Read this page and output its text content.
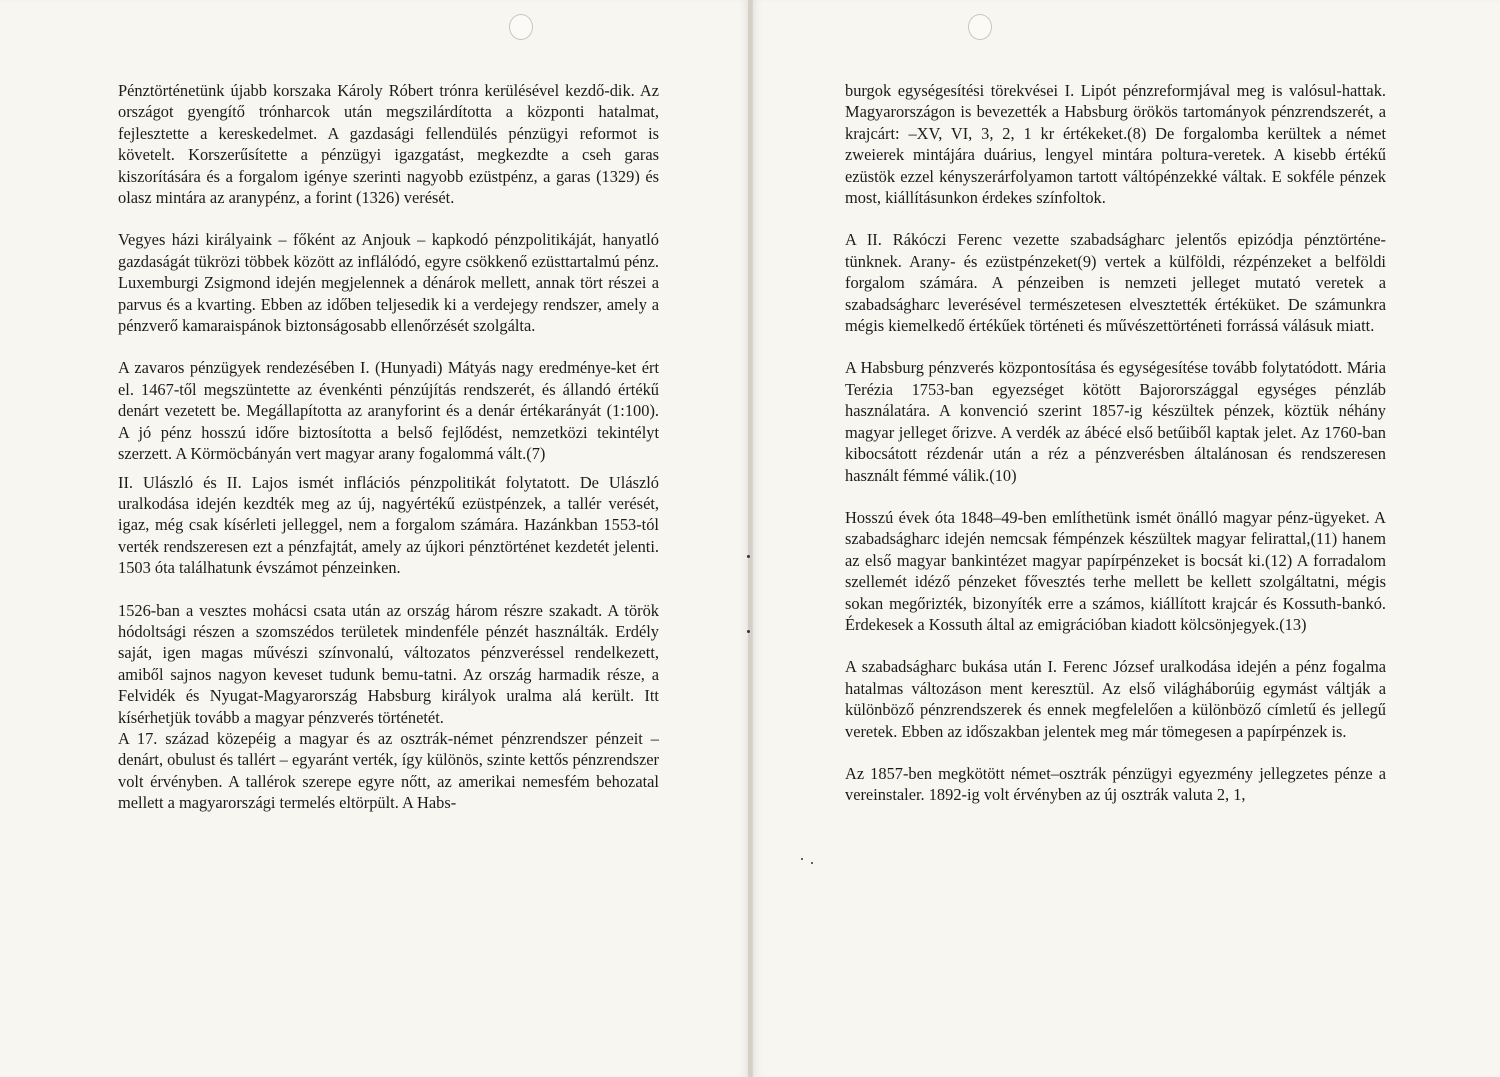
Pénztörténetünk újabb korszaka Károly Róbert trónra kerülésével kezdő-dik. Az országot gyengítő trónharcok után megszilárdította a központi hatalmat, fejlesztette a kereskedelmet. A gazdasági fellendülés pénzügyi reformot is követelt. Korszerűsítette a pénzügyi igazgatást, megkezdte a cseh garas kiszorítására és a forgalom igénye szerinti nagyobb ezüstpénz, a garas (1329) és olasz mintára az aranypénz, a forint (1326) verését.

Vegyes házi királyaink – főként az Anjouk – kapkodó pénzpolitikáját, hanyatló gazdaságát tükrözi többek között az inflálódó, egyre csökkenő ezüsttartalmú pénz. Luxemburgi Zsigmond idején megjelennek a dénárok mellett, annak tört részei a parvus és a kvarting. Ebben az időben teljesedik ki a verdejegy rendszer, amely a pénzverő kamaraispánok biztonságosabb ellenőrzését szolgálta.

A zavaros pénzügyek rendezésében I. (Hunyadi) Mátyás nagy eredménye-ket ért el. 1467-től megszüntette az évenkénti pénzújítás rendszerét, és állandó értékű denárt vezetett be. Megállapította az aranyforint és a denár értékarányát (1:100). A jó pénz hosszú időre biztosította a belső fejlődést, nemzetközi tekintélyt szerzett. A Körmöcbányán vert magyar arany fogalommá vált.(7)

II. Ulászló és II. Lajos ismét inflációs pénzpolitikát folytatott. De Ulászló uralkodása idején kezdték meg az új, nagyértékű ezüstpénzek, a tallér verését, igaz, még csak kísérleti jelleggel, nem a forgalom számára. Hazánkban 1553-tól verték rendszeresen ezt a pénzfajtát, amely az újkori pénztörténet kezdetét jelenti. 1503 óta találhatunk évszámot pénzeinken.

1526-ban a vesztes mohácsi csata után az ország három részre szakadt. A török hódoltsági részen a szomszédos területek mindenféle pénzét használták. Erdély saját, igen magas művészi színvonalú, változatos pénzveréssel rendelkezett, amiből sajnos nagyon keveset tudunk bemu-tatni. Az ország harmadik része, a Felvidék és Nyugat-Magyarország Habsburg királyok uralma alá került. Itt kísérhetjük tovább a magyar pénzverés történetét.

A 17. század közepéig a magyar és az osztrák-német pénzrendszer pénzeit – denárt, obulust és tallért – egyaránt verték, így különös, szinte kettős pénzrendszer volt érvényben. A tallérok szerepe egyre nőtt, az amerikai nemesfém behozatal mellett a magyarországi termelés eltörpült. A Habs-

burgok egységesítési törekvései I. Lipót pénzreformjával meg is valósul-hattak. Magyarországon is bevezették a Habsburg örökös tartományok pénzrendszerét, a krajcárt: –XV, VI, 3, 2, 1 kr értékeket.(8) De forgalomba kerültek a német zweierek mintájára duárius, lengyel mintára poltura-veretek. A kisebb értékű ezüstök ezzel kényszerárfolyamon tartott váltópénzekké váltak. E sokféle pénzek most, kiállításunkon érdekes színfoltok.

A II. Rákóczi Ferenc vezette szabadságharc jelentős epizódja pénztörténe-tünknek. Arany- és ezüstpénzeket(9) vertek a külföldi, rézpénzeket a belföldi forgalom számára. A pénzeiben is nemzeti jelleget mutató veretek a szabadságharc leverésével természetesen elvesztették értéküket. De számunkra mégis kiemelkedő értékűek történeti és művészettörténeti forrássá válásuk miatt.

A Habsburg pénzverés központosítása és egységesítése tovább folytatódott. Mária Terézia 1753-ban egyezséget kötött Bajorországgal egységes pénzláb használatára. A konvenció szerint 1857-ig készültek pénzek, köztük néhány magyar jelleget őrizve. A verdék az ábécé első betűiből kaptak jelet. Az 1760-ban kibocsátott rézdenár után a réz a pénzverésben általánosan és rendszeresen használt fémmé válik.(10)

Hosszú évek óta 1848–49-ben említhetünk ismét önálló magyar pénz-ügyeket. A szabadságharc idején nemcsak fémpénzek készültek magyar felirattal,(11) hanem az első magyar bankintézet magyar papírpénzeket is bocsát ki.(12) A forradalom szellemét idéző pénzeket fővesztés terhe mellett be kellett szolgáltatni, mégis sokan megőrizték, bizonyíték erre a számos, kiállított krajcár és Kossuth-bankó. Érdekesek a Kossuth által az emigrációban kiadott kölcsönjegyek.(13)

A szabadságharc bukása után I. Ferenc József uralkodása idején a pénz fogalma hatalmas változáson ment keresztül. Az első világháborúig egymást váltják a különböző pénzrendszerek és ennek megfelelően a különböző címletű és jellegű veretek. Ebben az időszakban jelentek meg már tömegesen a papírpénzek is.

Az 1857-ben megkötött német–osztrák pénzügyi egyezmény jellegzetes pénze a vereinstaler. 1892-ig volt érvényben az új osztrák valuta 2, 1,
